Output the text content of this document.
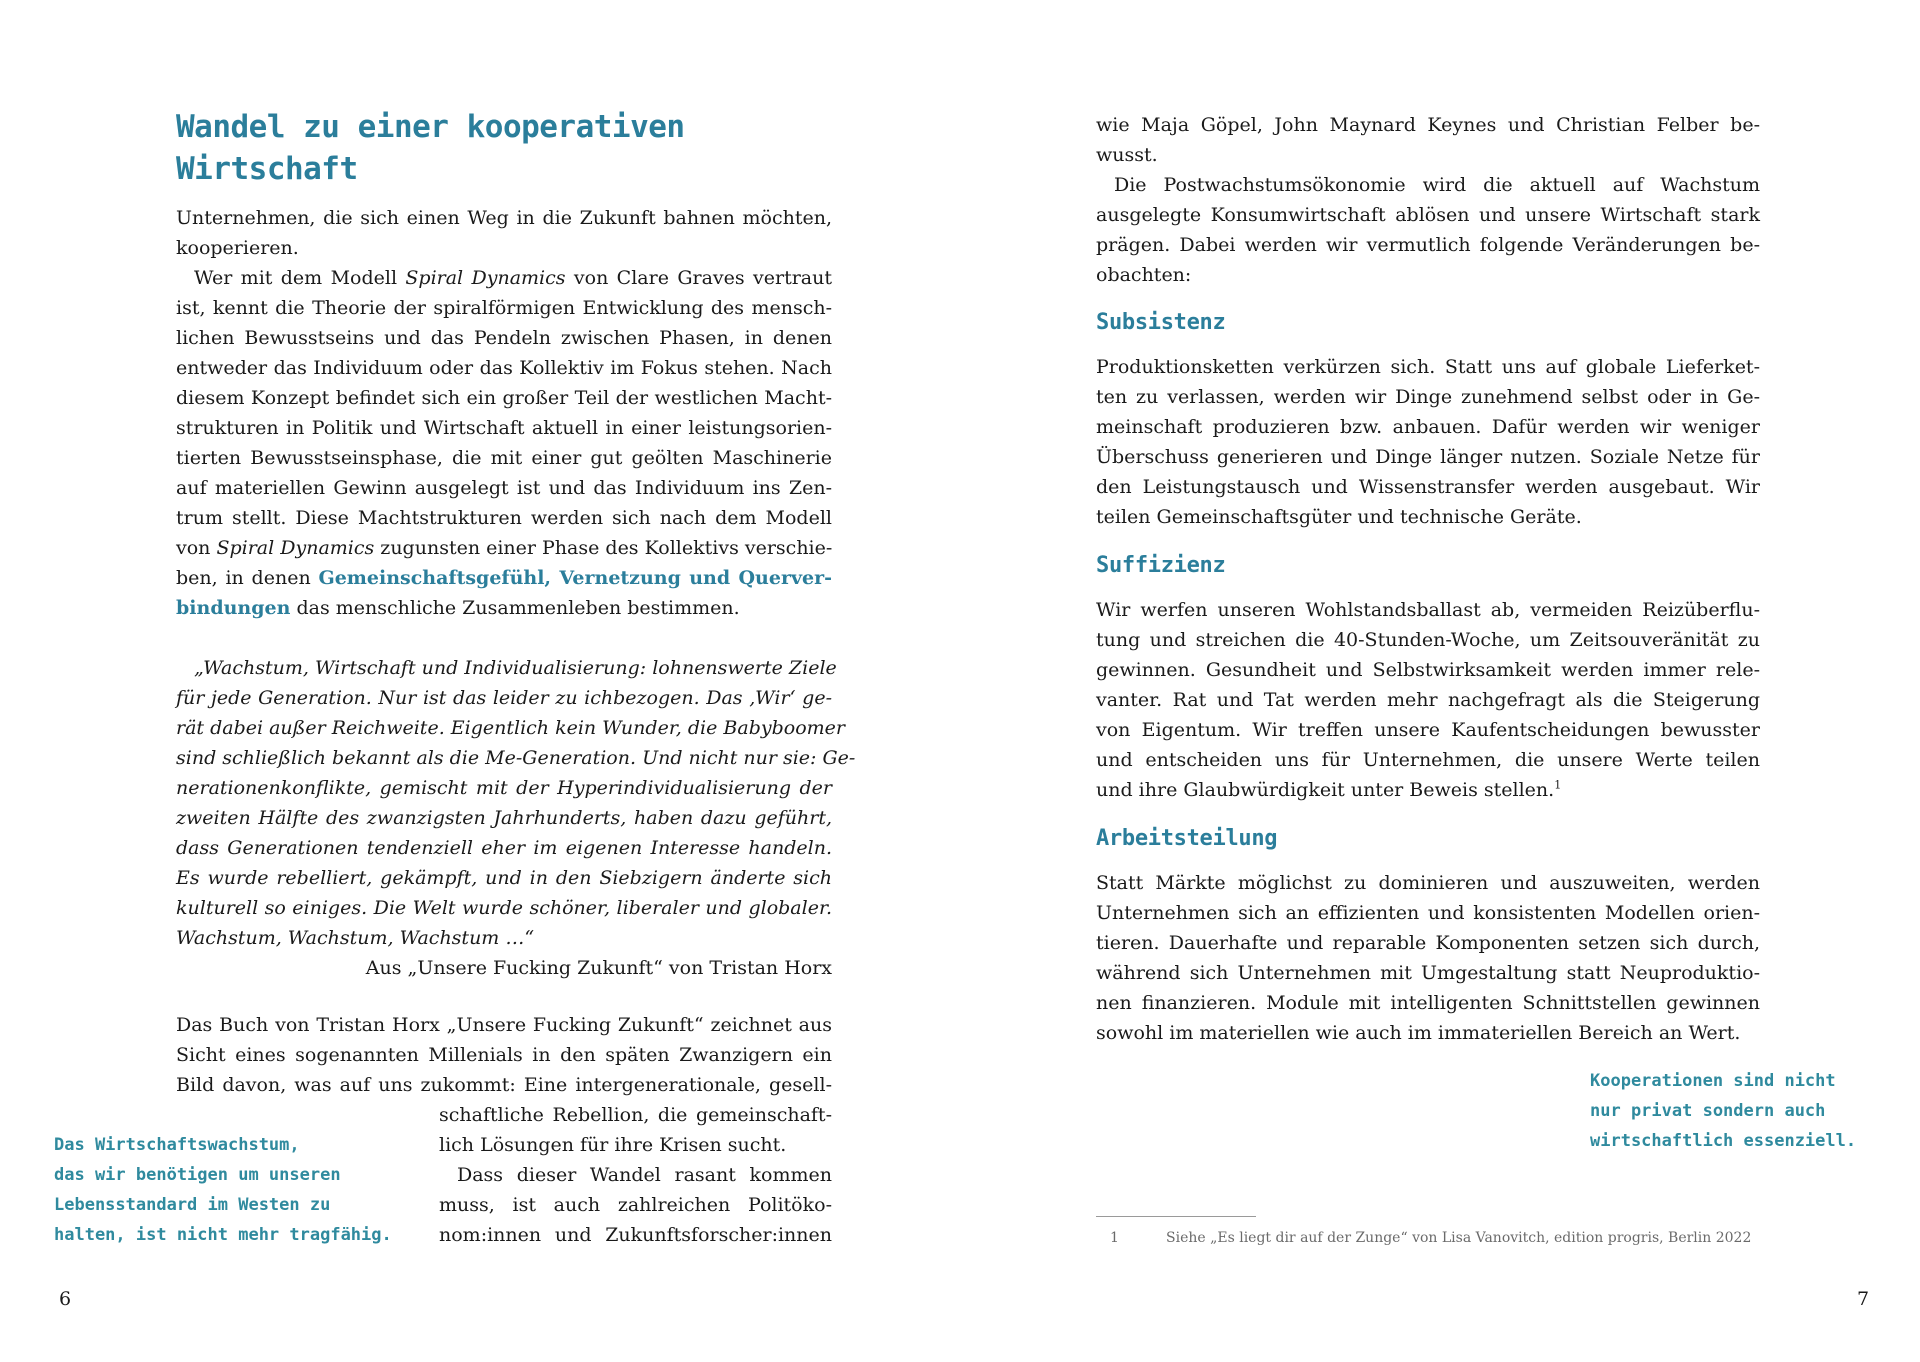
Wandel zu einer kooperativen
Wirtschaft
Unternehmen, die sich einen Weg in die Zukunft bahnen möchten,
kooperieren.
Wer mit dem Modell Spiral Dynamics von Clare Graves vertraut
ist, kennt die Theorie der spiralförmigen Entwicklung des mensch-
lichen Bewusstseins und das Pendeln zwischen Phasen, in denen
entweder das Individuum oder das Kollektiv im Fokus stehen. Nach
diesem Konzept befindet sich ein großer Teil der westlichen Macht-
strukturen in Politik und Wirtschaft aktuell in einer leistungsorien-
tierten Bewusstseinsphase, die mit einer gut geölten Maschinerie
auf materiellen Gewinn ausgelegt ist und das Individuum ins Zen-
trum stellt. Diese Machtstrukturen werden sich nach dem Modell
von Spiral Dynamics zugunsten einer Phase des Kollektivs verschie-
ben, in denen Gemeinschaftsgefühl, Vernetzung und Querver-
bindungen das menschliche Zusammenleben bestimmen.
„Wachstum, Wirtschaft und Individualisierung: lohnenswerte Ziele
für jede Generation. Nur ist das leider zu ichbezogen. Das ‚Wir‘ ge-
rät dabei außer Reichweite. Eigentlich kein Wunder, die Babyboomer
sind schließlich bekannt als die Me-Generation. Und nicht nur sie: Ge-
nerationenkonflikte, gemischt mit der Hyperindividualisierung der
zweiten Hälfte des zwanzigsten Jahrhunderts, haben dazu geführt,
dass Generationen tendenziell eher im eigenen Interesse handeln.
Es wurde rebelliert, gekämpft, und in den Siebzigern änderte sich
kulturell so einiges. Die Welt wurde schöner, liberaler und globaler.
Wachstum, Wachstum, Wachstum …“
Aus „Unsere Fucking Zukunft“ von Tristan Horx
Das Buch von Tristan Horx „Unsere Fucking Zukunft“ zeichnet aus
Sicht eines sogenannten Millenials in den späten Zwanzigern ein
Bild davon, was auf uns zukommt: Eine intergenerationale, gesell-
schaftliche Rebellion, die gemeinschaft-
lich Lösungen für ihre Krisen sucht.
Dass dieser Wandel rasant kommen
muss, ist auch zahlreichen Politöko-
nom:innen und Zukunftsforscher:innen
Das Wirtschaftswachstum,
das wir benötigen um unseren
Lebensstandard im Westen zu
halten, ist nicht mehr tragfähig.
6
wie Maja Göpel, John Maynard Keynes und Christian Felber be-
wusst.
Die Postwachstumsökonomie wird die aktuell auf Wachstum
ausgelegte Konsumwirtschaft ablösen und unsere Wirtschaft stark
prägen. Dabei werden wir vermutlich folgende Veränderungen be-
obachten:
Subsistenz
Produktionsketten verkürzen sich. Statt uns auf globale Lieferket-
ten zu verlassen, werden wir Dinge zunehmend selbst oder in Ge-
meinschaft produzieren bzw. anbauen. Dafür werden wir weniger
Überschuss generieren und Dinge länger nutzen. Soziale Netze für
den Leistungstausch und Wissenstransfer werden ausgebaut. Wir
teilen Gemeinschaftsgüter und technische Geräte.
Suffizienz
Wir werfen unseren Wohlstandsballast ab, vermeiden Reizüberflu-
tung und streichen die 40-Stunden-Woche, um Zeitsouveränität zu
gewinnen. Gesundheit und Selbstwirksamkeit werden immer rele-
vanter. Rat und Tat werden mehr nachgefragt als die Steigerung
von Eigentum. Wir treffen unsere Kaufentscheidungen bewusster
und entscheiden uns für Unternehmen, die unsere Werte teilen
und ihre Glaubwürdigkeit unter Beweis stellen.$^1$
Arbeitsteilung
Statt Märkte möglichst zu dominieren und auszuweiten, werden
Unternehmen sich an effizienten und konsistenten Modellen orien-
tieren. Dauerhafte und reparable Komponenten setzen sich durch,
während sich Unternehmen mit Umgestaltung statt Neuproduktio-
nen finanzieren. Module mit intelligenten Schnittstellen gewinnen
sowohl im materiellen wie auch im immateriellen Bereich an Wert.
Kooperationen sind nicht
nur privat sondern auch
wirtschaftlich essenziell.
1	Siehe „Es liegt dir auf der Zunge“ von Lisa Vanovitch, edition progris, Berlin 2022
7
